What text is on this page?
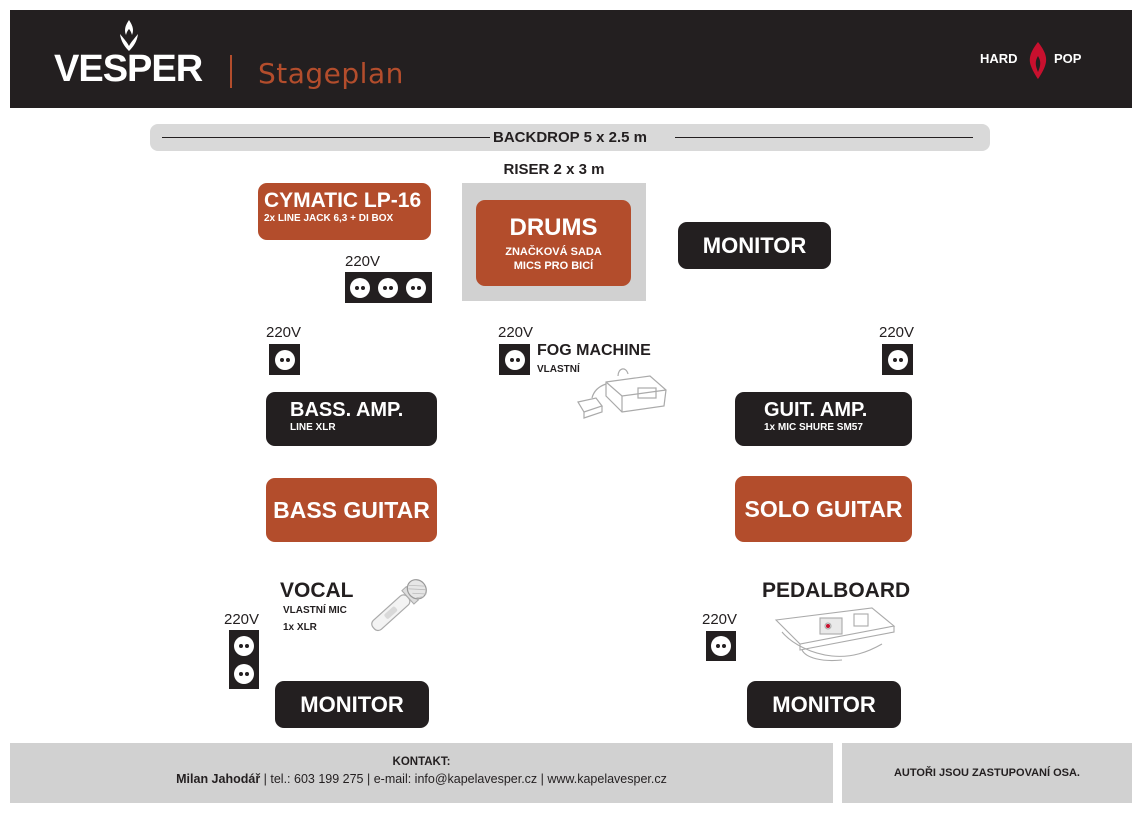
VESPER Stageplan	HARD	POP
BACKDROP 5 x 2.5 m
RISER 2 x 3 m
DRUMS
ZNAČKOVÁ SADA
MICS PRO BICÍ
CYMATIC LP-16
2x LINE JACK 6,3 + DI BOX
220V
MONITOR
220V	220V
FOG MACHINE
VLASTNÍ
220V
BASS. AMP.
LINE XLR
GUIT. AMP.
1x MIC SHURE SM57
BASS GUITAR	SOLO GUITAR
VOCAL
VLASTNÍ MIC
1x XLR
220V
PEDALBOARD
220V
MONITOR	MONITOR
KONTAKT:
Milan Jahodář | tel.: 603 199 275 | e-mail: info@kapelavesper.cz | www.kapelavesper.cz	AUTOŘI JSOU ZASTUPOVANÍ OSA.
